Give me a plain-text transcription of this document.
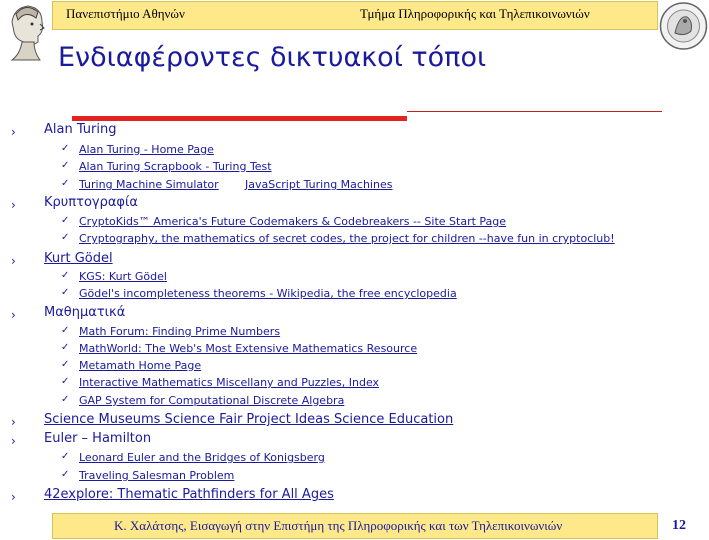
Πανεπιστήμιο Αθηνών	Τμήμα Πληροφορικής και Τηλεπικοινωνιών
Ενδιαφέροντες δικτυακοί τόποι
› Alan Turing
✓ Alan Turing - Home Page
✓ Alan Turing Scrapbook - Turing Test
✓ Turing Machine Simulator JavaScript Turing Machines
› Κρυπτογραφία
✓ CryptoKids™ America's Future Codemakers & Codebreakers -- Site Start Page
✓ Cryptography, the mathematics of secret codes, the project for children --have fun in cryptoclub!
› Kurt Gödel
✓ KGS: Kurt Gödel
✓ Gödel's incompleteness theorems - Wikipedia, the free encyclopedia
› Μαθηματικά
✓ Math Forum: Finding Prime Numbers
✓ MathWorld: The Web's Most Extensive Mathematics Resource
✓ Metamath Home Page
✓ Interactive Mathematics Miscellany and Puzzles, Index
✓ GAP System for Computational Discrete Algebra
› Science Museums Science Fair Project Ideas Science Education
› Euler – Hamilton
✓ Leonard Euler and the Bridges of Konigsberg
✓ Traveling Salesman Problem
› 42explore: Thematic Pathfinders for All Ages
Κ. Χαλάτσης, Εισαγωγή στην Επιστήμη της Πληροφορικής και των Τηλεπικοινωνιών	12
